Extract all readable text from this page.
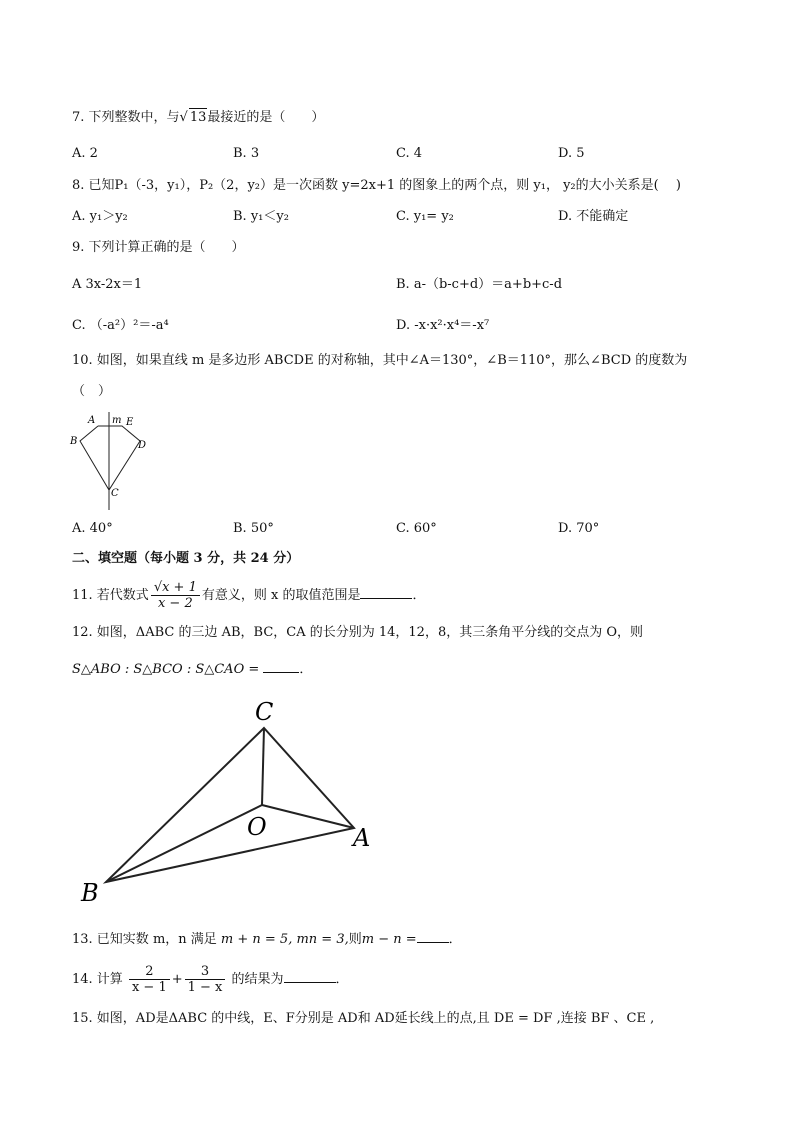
7. 下列整数中，与√ 13最接近的是（　　）
A. 2	B. 3	C. 4	D. 5
8. 已知P₁（-3，y₁），P₂（2，y₂）是一次函数 y=2x+1 的图象上的两个点，则 y₁， y₂的大小关系是(　 )
A. y₁＞y₂	B. y₁＜y₂	C. y₁= y₂	D. 不能确定
9. 下列计算正确的是（　　）
A 3x-2x＝1	B. a-（b-c+d）＝a+b+c-d
C. （-a²）²＝-a⁴	D. -x·x²·x⁴＝-x⁷
10. 如图，如果直线 m 是多边形 ABCDE 的对称轴，其中∠A＝130°，∠B＝110°，那么∠BCD 的度数为
（　）
A m E
B	D
C
A. 40°	B. 50°	C. 60°	D. 70°
二、填空题（每小题 3 分，共 24 分）
11. 若代数式 $\frac{√x + 1}{x - 2}$ 有意义，则 x 的取值范围是	．
12. 如图，ΔABC 的三边 AB，BC，CA 的长分别为 14，12，8，其三条角平分线的交点为 O，则
S△ABO : S△BCO : S△CAO =	．
C
O	A
B
13. 已知实数 m，n 满足 m + n = 5, mn = 3,则m − n = ．
14. 计算 $\frac{2}{x - 1} + \frac{3}{1 - x}$ 的结果为	．
15. 如图，AD是ΔABC 的中线，E、F分别是 AD和 AD延长线上的点,且 DE = DF ,连接 BF 、CE ,
